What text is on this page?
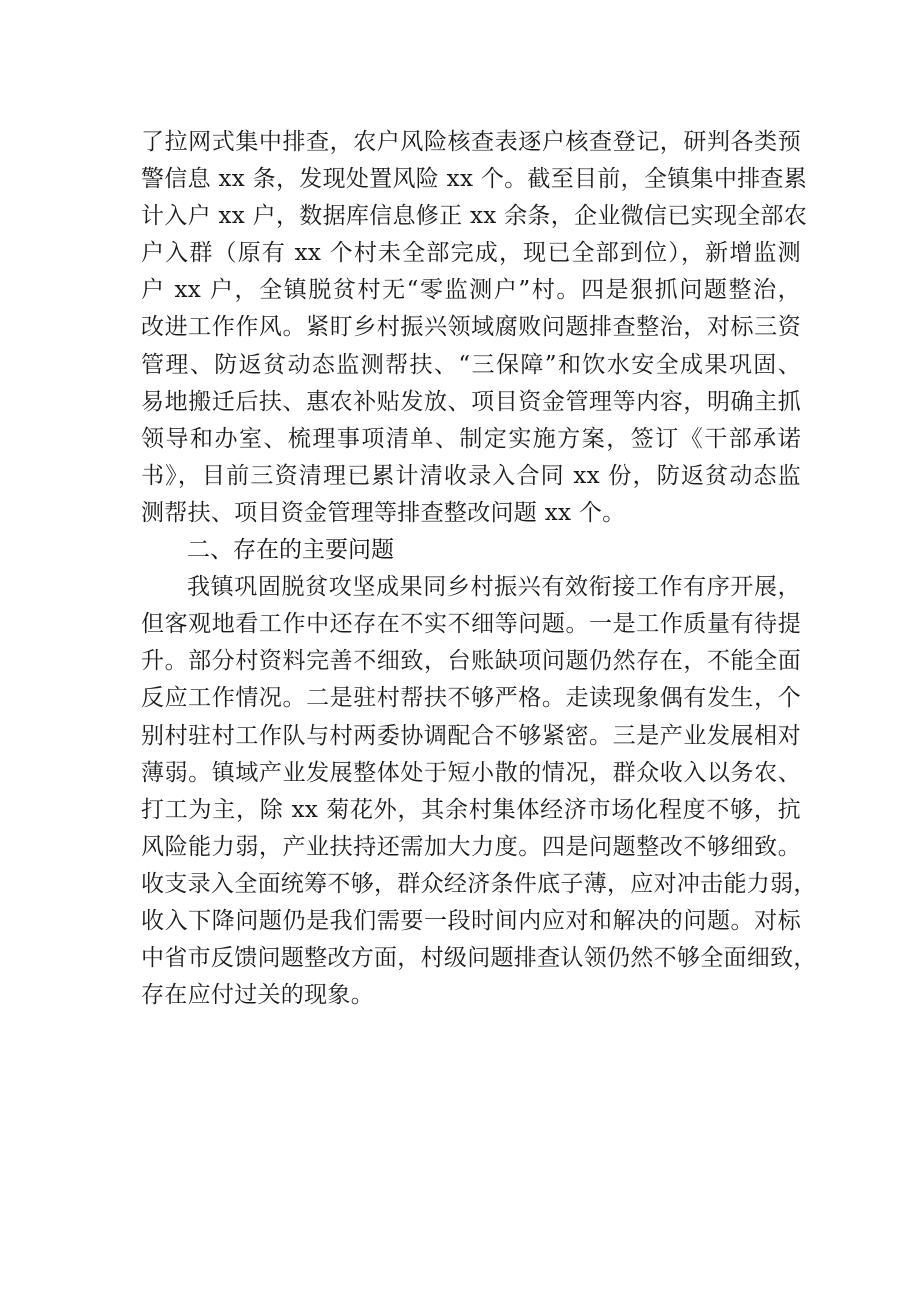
了拉网式集中排查，农户风险核查表逐户核查登记，研判各类预
警信息 xx 条，发现处置风险 xx 个。截至目前，全镇集中排查累
计入户 xx 户，数据库信息修正 xx 余条，企业微信已实现全部农
户入群（原有 xx 个村未全部完成，现已全部到位），新增监测
户 xx 户，全镇脱贫村无“零监测户”村。四是狠抓问题整治，
改进工作作风。紧盯乡村振兴领域腐败问题排查整治，对标三资
管理、防返贫动态监测帮扶、“三保障”和饮水安全成果巩固、
易地搬迁后扶、惠农补贴发放、项目资金管理等内容，明确主抓
领导和办室、梳理事项清单、制定实施方案，签订《干部承诺
书》，目前三资清理已累计清收录入合同 xx 份，防返贫动态监
测帮扶、项目资金管理等排查整改问题 xx 个。
二、存在的主要问题
我镇巩固脱贫攻坚成果同乡村振兴有效衔接工作有序开展，
但客观地看工作中还存在不实不细等问题。一是工作质量有待提
升。部分村资料完善不细致，台账缺项问题仍然存在，不能全面
反应工作情况。二是驻村帮扶不够严格。走读现象偶有发生，个
别村驻村工作队与村两委协调配合不够紧密。三是产业发展相对
薄弱。镇域产业发展整体处于短小散的情况，群众收入以务农、
打工为主，除 xx 菊花外，其余村集体经济市场化程度不够，抗
风险能力弱，产业扶持还需加大力度。四是问题整改不够细致。
收支录入全面统筹不够，群众经济条件底子薄，应对冲击能力弱，
收入下降问题仍是我们需要一段时间内应对和解决的问题。对标
中省市反馈问题整改方面，村级问题排查认领仍然不够全面细致，
存在应付过关的现象。
